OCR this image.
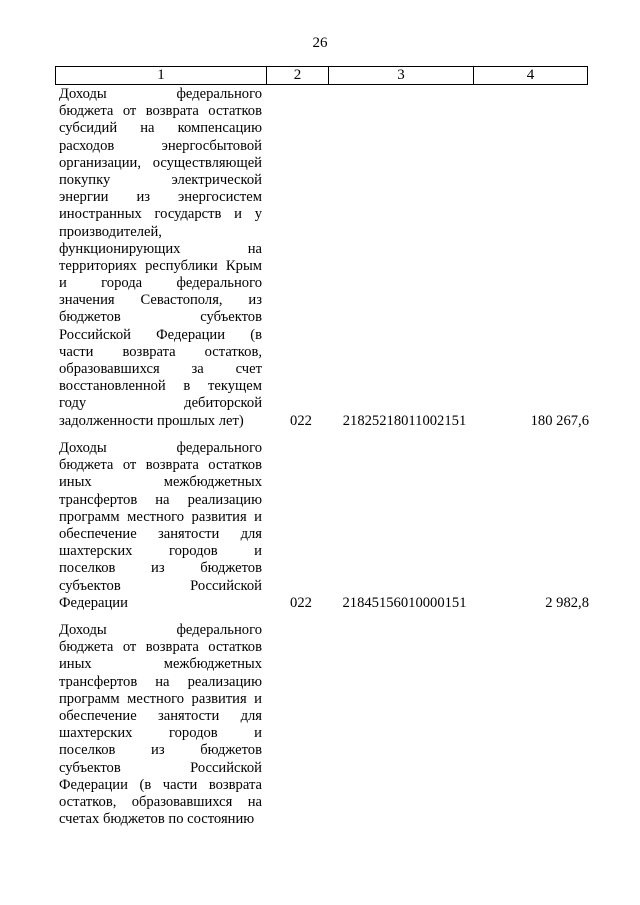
26
1	2	3	4
Доходы федерального
бюджета от возврата остатков
субсидий на компенсацию
расходов энергосбытовой
организации, осуществляющей
покупку электрической
энергии из энергосистем
иностранных государств и у
производителей,
функционирующих на
территориях республики Крым
и города федерального
значения Севастополя, из
бюджетов субъектов
Российской Федерации (в
части возврата остатков,
образовавшихся за счет
восстановленной в текущем
году дебиторской
задолженности прошлых лет)	022	21825218011002151	180 267,6
Доходы федерального
бюджета от возврата остатков
иных межбюджетных
трансфертов на реализацию
программ местного развития и
обеспечение занятости для
шахтерских городов и
поселков из бюджетов
субъектов Российской
Федерации	022	21845156010000151	2 982,8
Доходы федерального
бюджета от возврата остатков
иных межбюджетных
трансфертов на реализацию
программ местного развития и
обеспечение занятости для
шахтерских городов и
поселков из бюджетов
субъектов Российской
Федерации (в части возврата
остатков, образовавшихся на
счетах бюджетов по состоянию
